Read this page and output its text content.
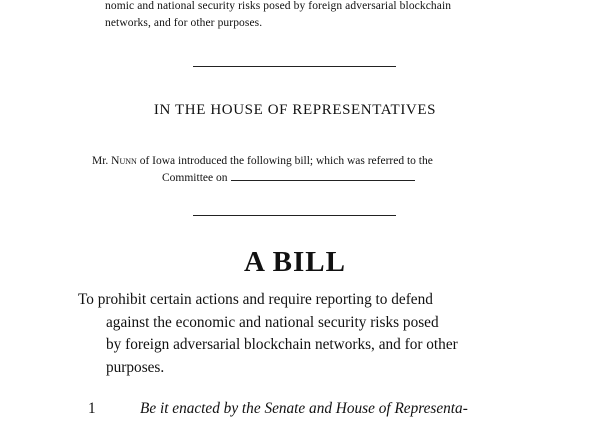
nomic and national security risks posed by foreign adversarial blockchain
networks, and for other purposes.
IN THE HOUSE OF REPRESENTATIVES
Mr. Nunn of Iowa introduced the following bill; which was referred to the
Committee on
A BILL
To prohibit certain actions and require reporting to defend
against the economic and national security risks posed
by foreign adversarial blockchain networks, and for other
purposes.
1	Be it enacted by the Senate and House of Representa-
